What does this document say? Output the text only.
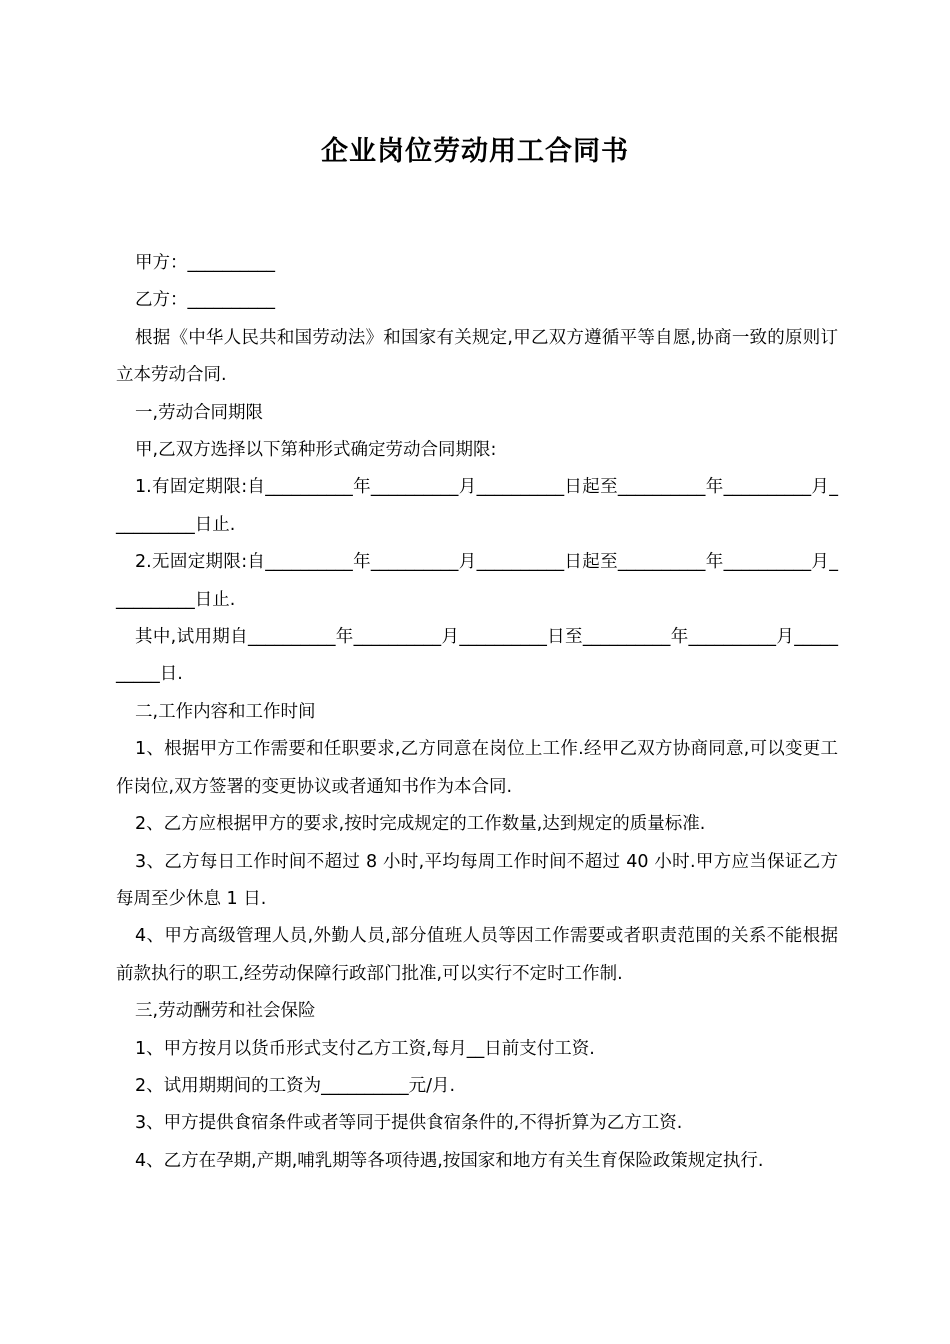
企业岗位劳动用工合同书

甲方：__________

乙方：__________

根据《中华人民共和国劳动法》和国家有关规定,甲乙双方遵循平等自愿,协商一致的原则订立本劳动合同.

一,劳动合同期限

甲,乙双方选择以下第种形式确定劳动合同期限:

1.有固定期限:自__________年__________月__________日起至__________年__________月__________日止.

2.无固定期限:自__________年__________月__________日起至__________年__________月__________日止.

其中,试用期自__________年__________月__________日至__________年__________月__________日.

二,工作内容和工作时间

1、根据甲方工作需要和任职要求,乙方同意在岗位上工作.经甲乙双方协商同意,可以变更工作岗位,双方签署的变更协议或者通知书作为本合同.

2、乙方应根据甲方的要求,按时完成规定的工作数量,达到规定的质量标准.

3、乙方每日工作时间不超过 8 小时,平均每周工作时间不超过 40 小时.甲方应当保证乙方每周至少休息 1 日.

4、甲方高级管理人员,外勤人员,部分值班人员等因工作需要或者职责范围的关系不能根据前款执行的职工,经劳动保障行政部门批准,可以实行不定时工作制.

三,劳动酬劳和社会保险

1、甲方按月以货币形式支付乙方工资,每月__日前支付工资.

2、试用期期间的工资为__________元/月.

3、甲方提供食宿条件或者等同于提供食宿条件的,不得折算为乙方工资.

4、乙方在孕期,产期,哺乳期等各项待遇,按国家和地方有关生育保险政策规定执行.
